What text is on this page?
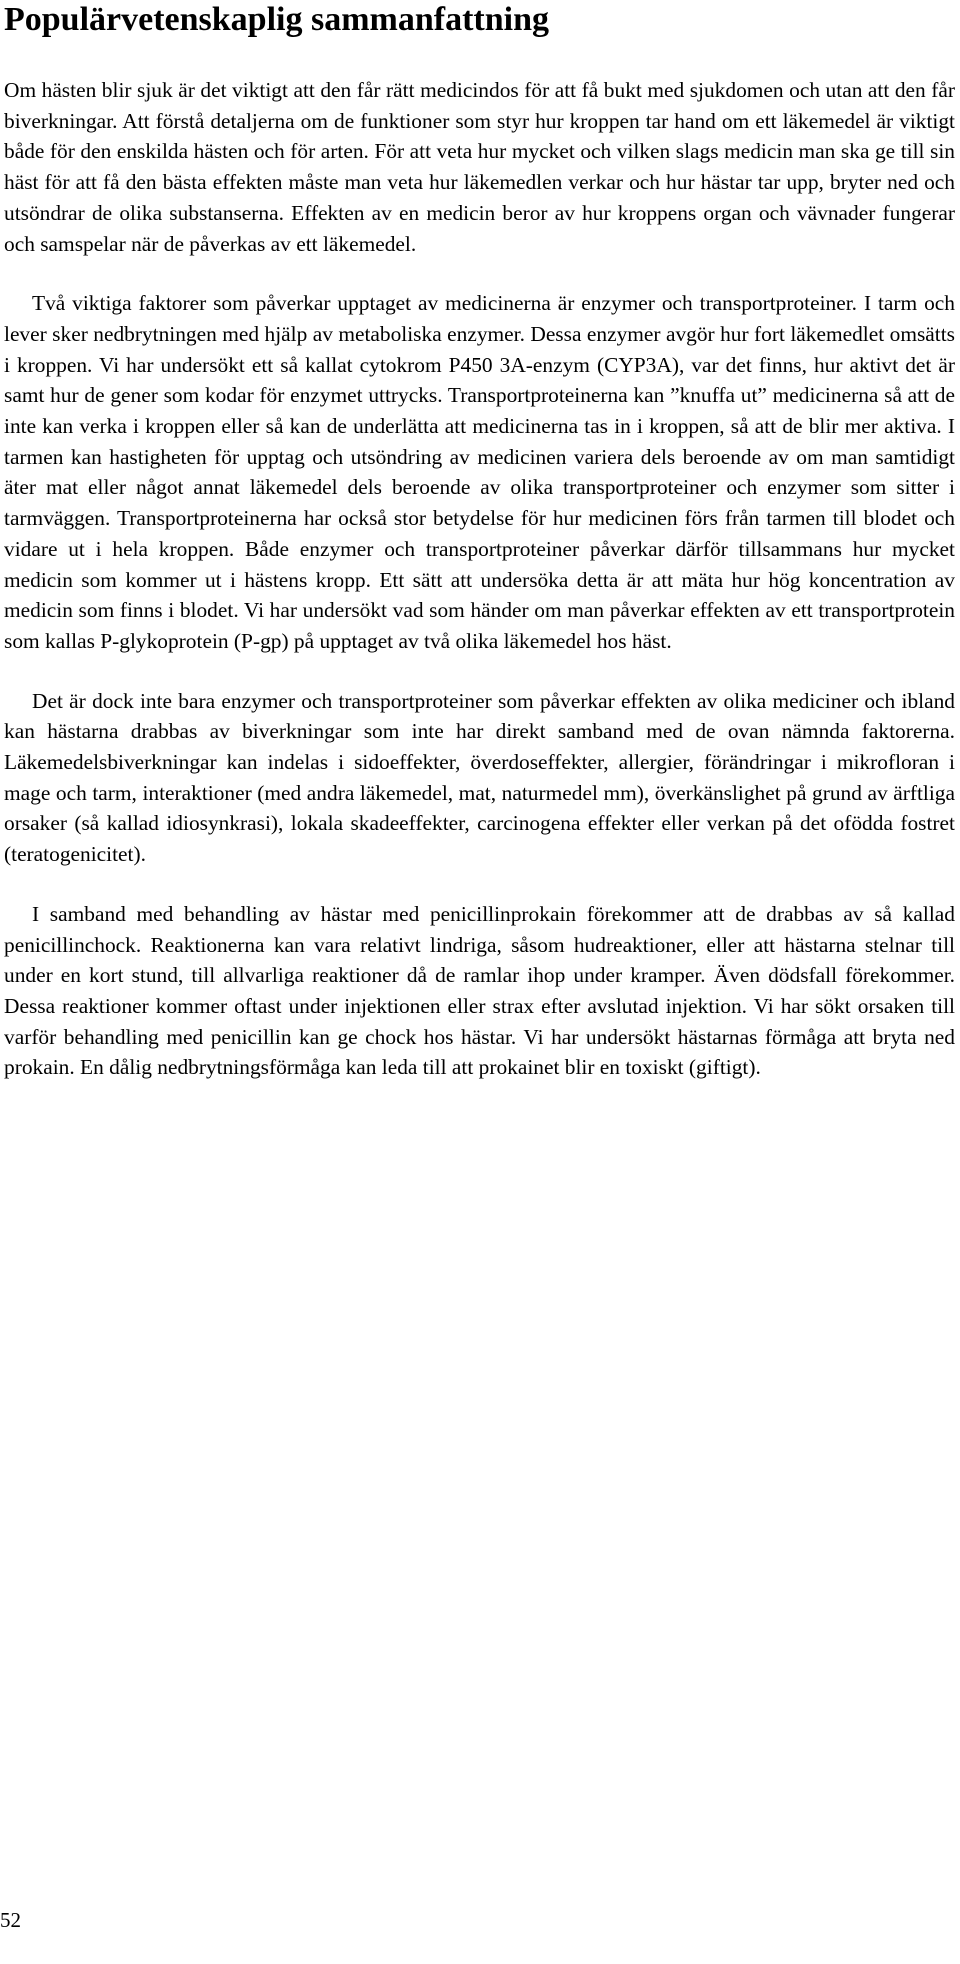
Populärvetenskaplig sammanfattning

Om hästen blir sjuk är det viktigt att den får rätt medicindos för att få bukt med sjukdomen och utan att den får biverkningar. Att förstå detaljerna om de funktioner som styr hur kroppen tar hand om ett läkemedel är viktigt både för den enskilda hästen och för arten. För att veta hur mycket och vilken slags medicin man ska ge till sin häst för att få den bästa effekten måste man veta hur läkemedlen verkar och hur hästar tar upp, bryter ned och utsöndrar de olika substanserna. Effekten av en medicin beror av hur kroppens organ och vävnader fungerar och samspelar när de påverkas av ett läkemedel.

Två viktiga faktorer som påverkar upptaget av medicinerna är enzymer och transportproteiner. I tarm och lever sker nedbrytningen med hjälp av metaboliska enzymer. Dessa enzymer avgör hur fort läkemedlet omsätts i kroppen. Vi har undersökt ett så kallat cytokrom P450 3A-enzym (CYP3A), var det finns, hur aktivt det är samt hur de gener som kodar för enzymet uttrycks. Transportproteinerna kan ”knuffa ut” medicinerna så att de inte kan verka i kroppen eller så kan de underlätta att medicinerna tas in i kroppen, så att de blir mer aktiva. I tarmen kan hastigheten för upptag och utsöndring av medicinen variera dels beroende av om man samtidigt äter mat eller något annat läkemedel dels beroende av olika transportproteiner och enzymer som sitter i tarmväggen. Transportproteinerna har också stor betydelse för hur medicinen förs från tarmen till blodet och vidare ut i hela kroppen. Både enzymer och transportproteiner påverkar därför tillsammans hur mycket medicin som kommer ut i hästens kropp. Ett sätt att undersöka detta är att mäta hur hög koncentration av medicin som finns i blodet. Vi har undersökt vad som händer om man påverkar effekten av ett transportprotein som kallas P-glykoprotein (P-gp) på upptaget av två olika läkemedel hos häst.

Det är dock inte bara enzymer och transportproteiner som påverkar effekten av olika mediciner och ibland kan hästarna drabbas av biverkningar som inte har direkt samband med de ovan nämnda faktorerna. Läkemedelsbiverkningar kan indelas i sidoeffekter, överdoseffekter, allergier, förändringar i mikrofloran i mage och tarm, interaktioner (med andra läkemedel, mat, naturmedel mm), överkänslighet på grund av ärftliga orsaker (så kallad idiosynkrasi), lokala skadeeffekter, carcinogena effekter eller verkan på det ofödda fostret (teratogenicitet).

I samband med behandling av hästar med penicillinprokain förekommer att de drabbas av så kallad penicillinchock. Reaktionerna kan vara relativt lindriga, såsom hudreaktioner, eller att hästarna stelnar till under en kort stund, till allvarliga reaktioner då de ramlar ihop under kramper. Även dödsfall förekommer. Dessa reaktioner kommer oftast under injektionen eller strax efter avslutad injektion. Vi har sökt orsaken till varför behandling med penicillin kan ge chock hos hästar. Vi har undersökt hästarnas förmåga att bryta ned prokain. En dålig nedbrytningsförmåga kan leda till att prokainet blir en toxiskt (giftigt).

52
